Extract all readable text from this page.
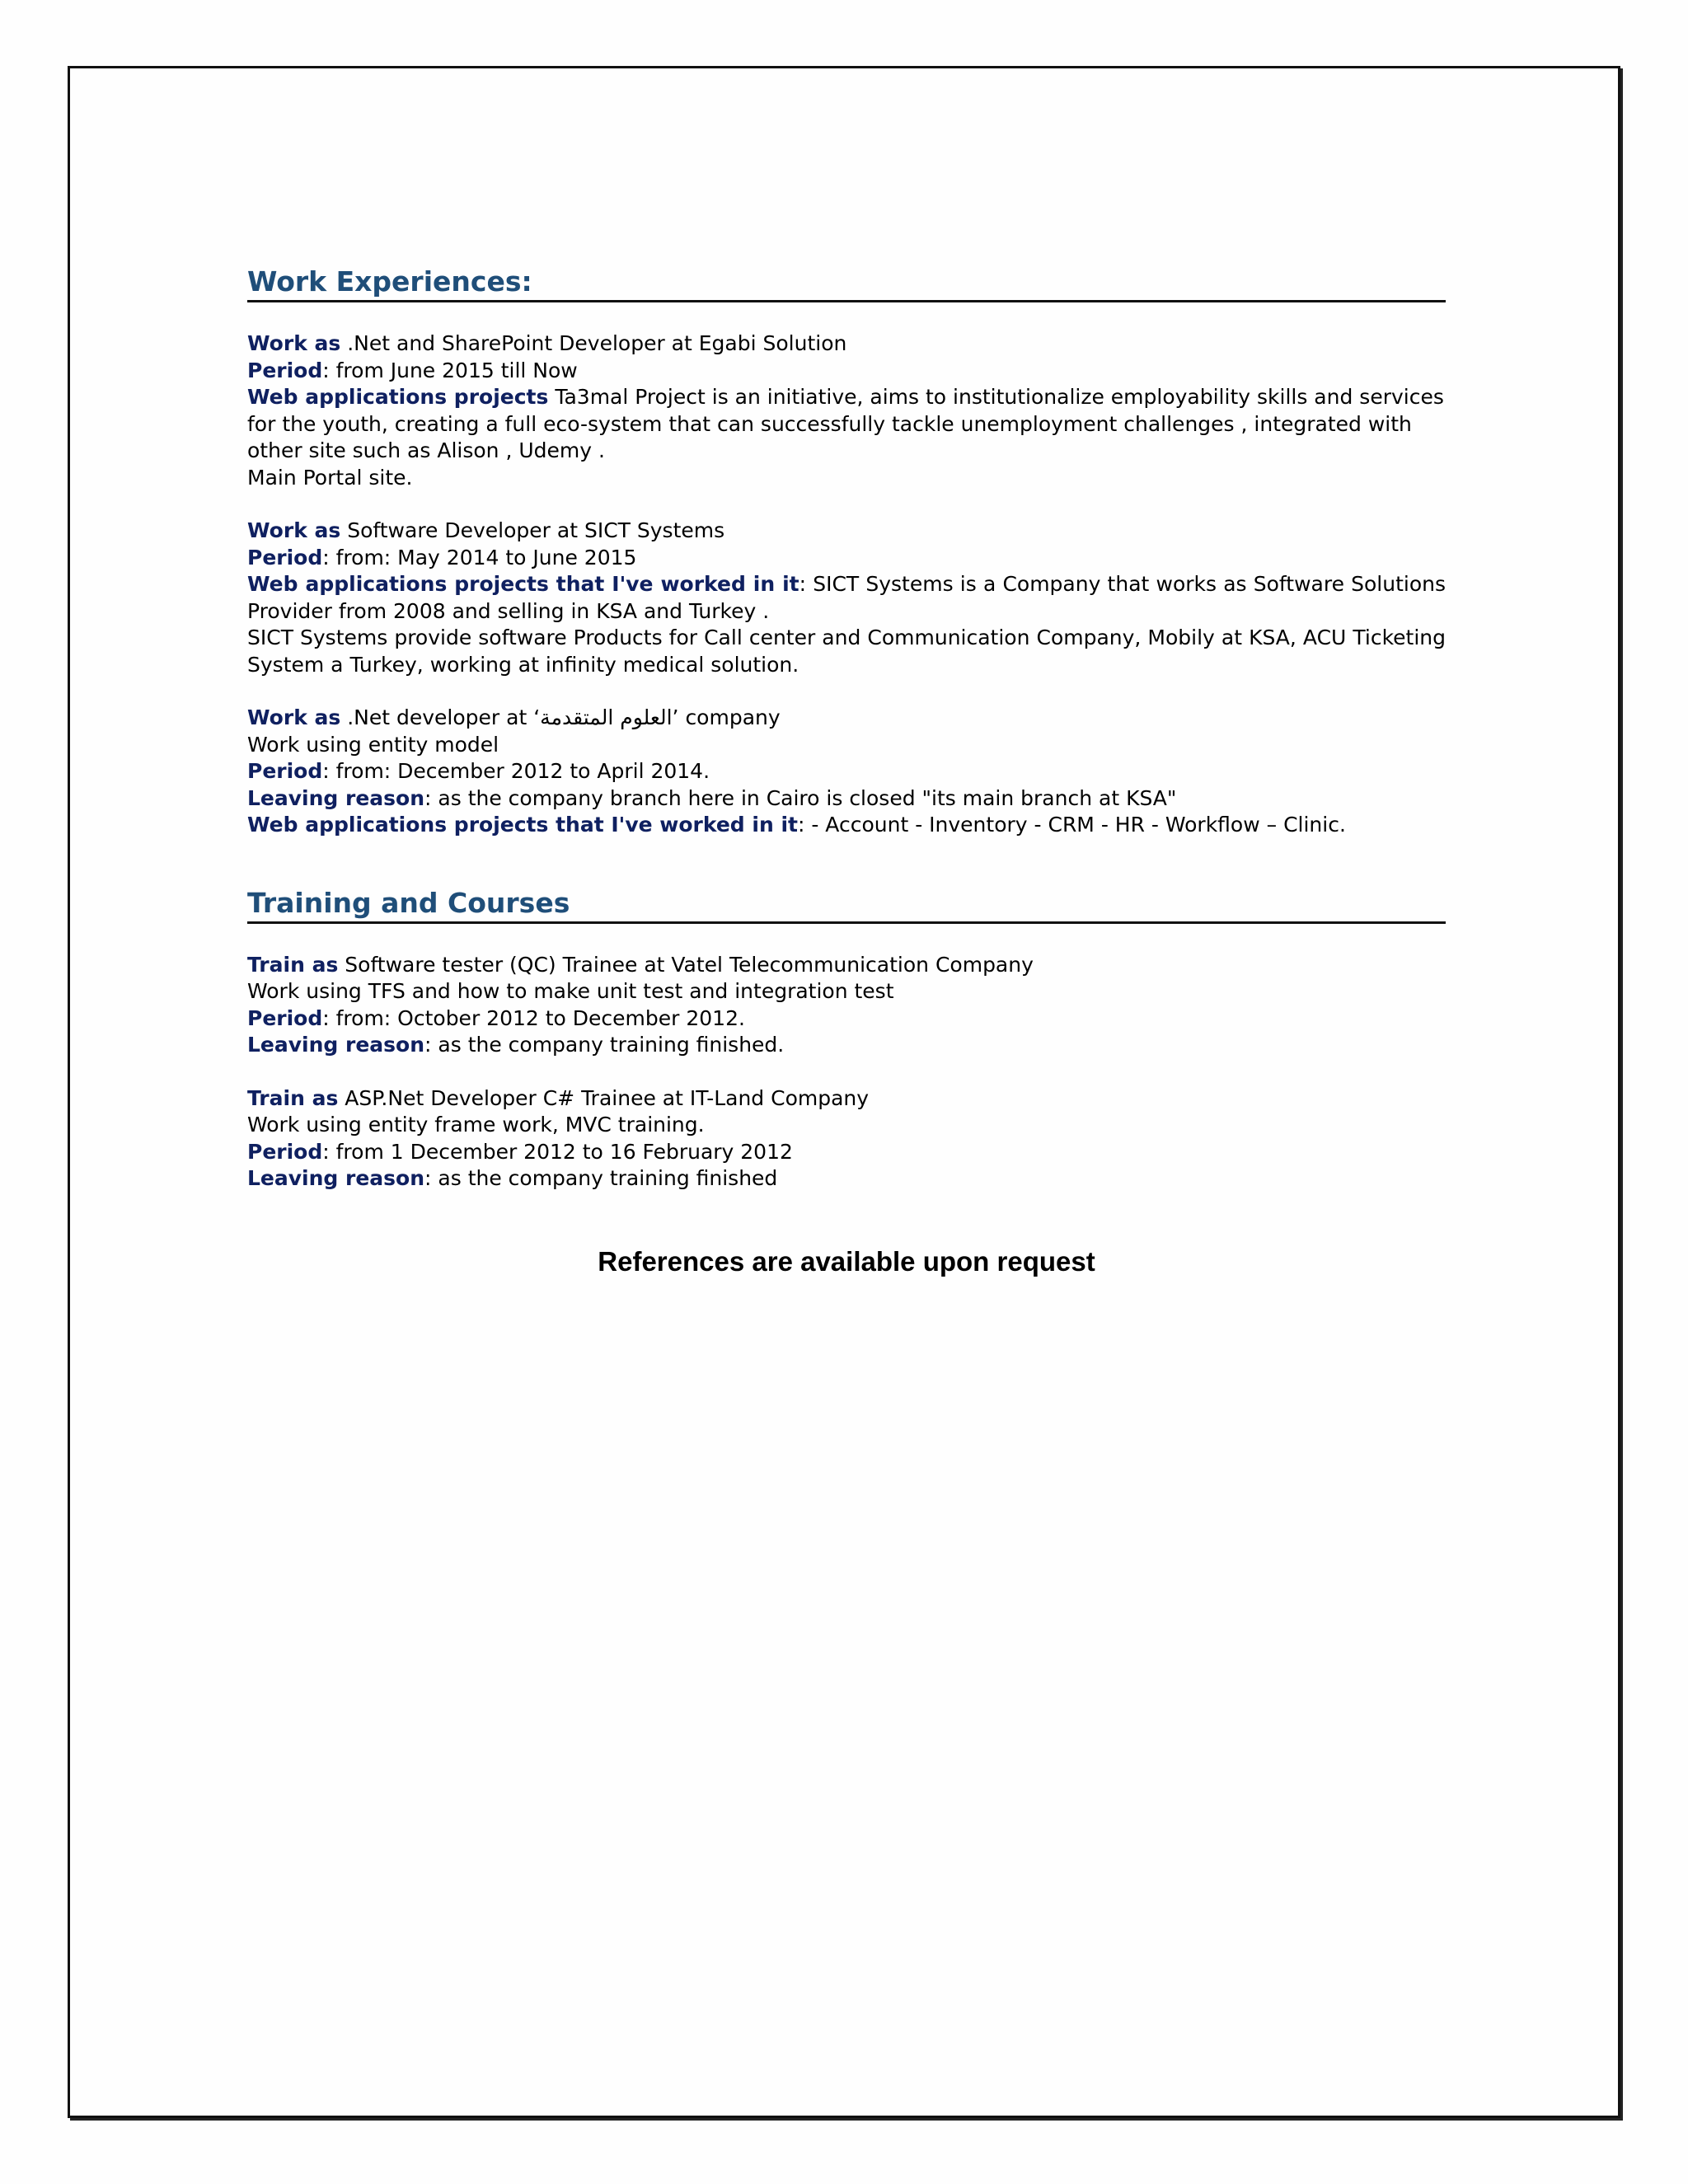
Work Experiences:
Work as .Net and SharePoint Developer at Egabi Solution
Period: from June 2015 till Now
Web applications projects Ta3mal Project is an initiative, aims to institutionalize employability skills and services for the youth, creating a full eco-system that can successfully tackle unemployment challenges , integrated with other site such as Alison , Udemy .
Main Portal site.
Work as Software Developer at SICT Systems
Period: from: May 2014 to June 2015
Web applications projects that I've worked in it: SICT Systems is a Company that works as Software Solutions Provider from 2008 and selling in KSA and Turkey .
SICT Systems provide software Products for Call center and Communication Company, Mobily at KSA, ACU Ticketing System a Turkey, working at infinity medical solution.
Work as .Net developer at ‘العلوم المتقدمة’ company
Work using entity model
Period: from: December 2012 to April 2014.
Leaving reason: as the company branch here in Cairo is closed "its main branch at KSA"
Web applications projects that I've worked in it: - Account - Inventory - CRM - HR - Workflow – Clinic.
Training and Courses
Train as Software tester (QC) Trainee at Vatel Telecommunication Company
Work using TFS and how to make unit test and integration test
Period: from: October 2012 to December 2012.
Leaving reason: as the company training finished.
Train as ASP.Net Developer C# Trainee at IT-Land Company
Work using entity frame work, MVC training.
Period: from 1 December 2012 to 16 February 2012
Leaving reason: as the company training finished
References are available upon request
